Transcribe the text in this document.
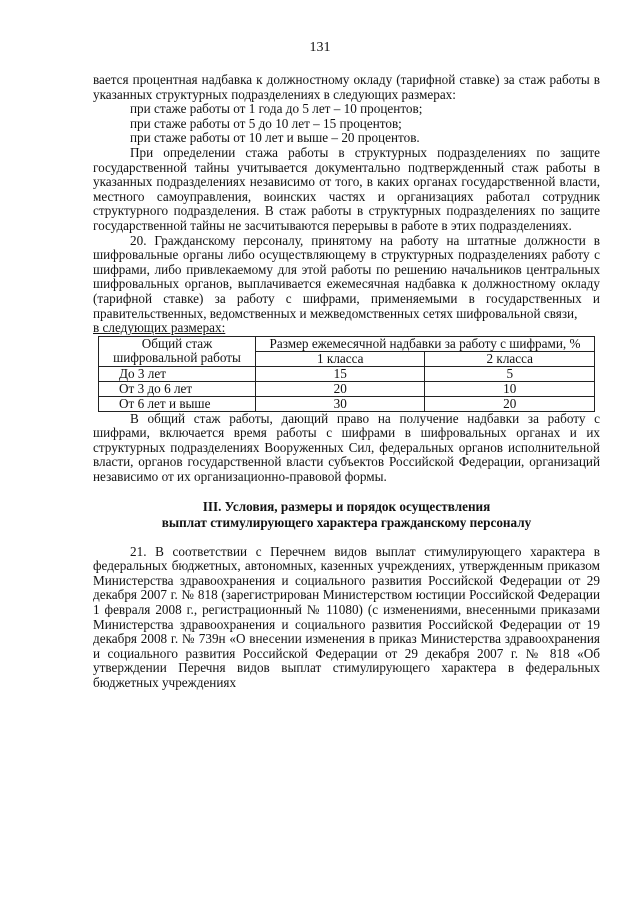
131

вается процентная надбавка к должностному окладу (тарифной ставке) за стаж работы в указанных структурных подразделениях в следующих размерах:

при стаже работы от 1 года до 5 лет – 10 процентов;
при стаже работы от 5 до 10 лет – 15 процентов;
при стаже работы от 10 лет и выше – 20 процентов.

При определении стажа работы в структурных подразделениях по защите государственной тайны учитывается документально подтвержденный стаж работы в указанных подразделениях независимо от того, в каких органах государственной власти, местного самоуправления, воинских частях и организациях работал сотрудник структурного подразделения. В стаж работы в структурных подразделениях по защите государственной тайны не засчитываются перерывы в работе в этих подразделениях.

20. Гражданскому персоналу, принятому на работу на штатные должности в шифровальные органы либо осуществляющему в структурных подразделениях работу с шифрами, либо привлекаемому для этой работы по решению начальников центральных шифровальных органов, выплачивается ежемесячная надбавка к должностному окладу (тарифной ставке) за работу с шифрами, применяемыми в государственных и правительственных, ведомственных и межведомственных сетях шифровальной связи,

в следующих размерах:

Общий стаж шифровальной работы	Размер ежемесячной надбавки за работу с шифрами, %	
	1 класса	2 класса
До 3 лет	15	5
От 3 до 6 лет	20	10
От 6 лет и выше	30	20

В общий стаж работы, дающий право на получение надбавки за работу с шифрами, включается время работы с шифрами в шифровальных органах и их структурных подразделениях Вооруженных Сил, федеральных органов исполнительной власти, органов государственной власти субъектов Российской Федерации, организаций независимо от их организационно-правовой формы.

III. Условия, размеры и порядок осуществления
выплат стимулирующего характера гражданскому персоналу

21. В соответствии с Перечнем видов выплат стимулирующего характера в федеральных бюджетных, автономных, казенных учреждениях, утвержденным приказом Министерства здравоохранения и социального развития Российской Федерации от 29 декабря 2007 г. № 818 (зарегистрирован Министерством юстиции Российской Федерации 1 февраля 2008 г., регистрационный № 11080) (с изменениями, внесенными приказами Министерства здравоохранения и социального развития Российской Федерации от 19 декабря 2008 г. № 739н «О внесении изменения в приказ Министерства здравоохранения и социального развития Российской Федерации от 29 декабря 2007 г. № 818 «Об утверждении Перечня видов выплат стимулирующего характера в федеральных бюджетных учреждениях
